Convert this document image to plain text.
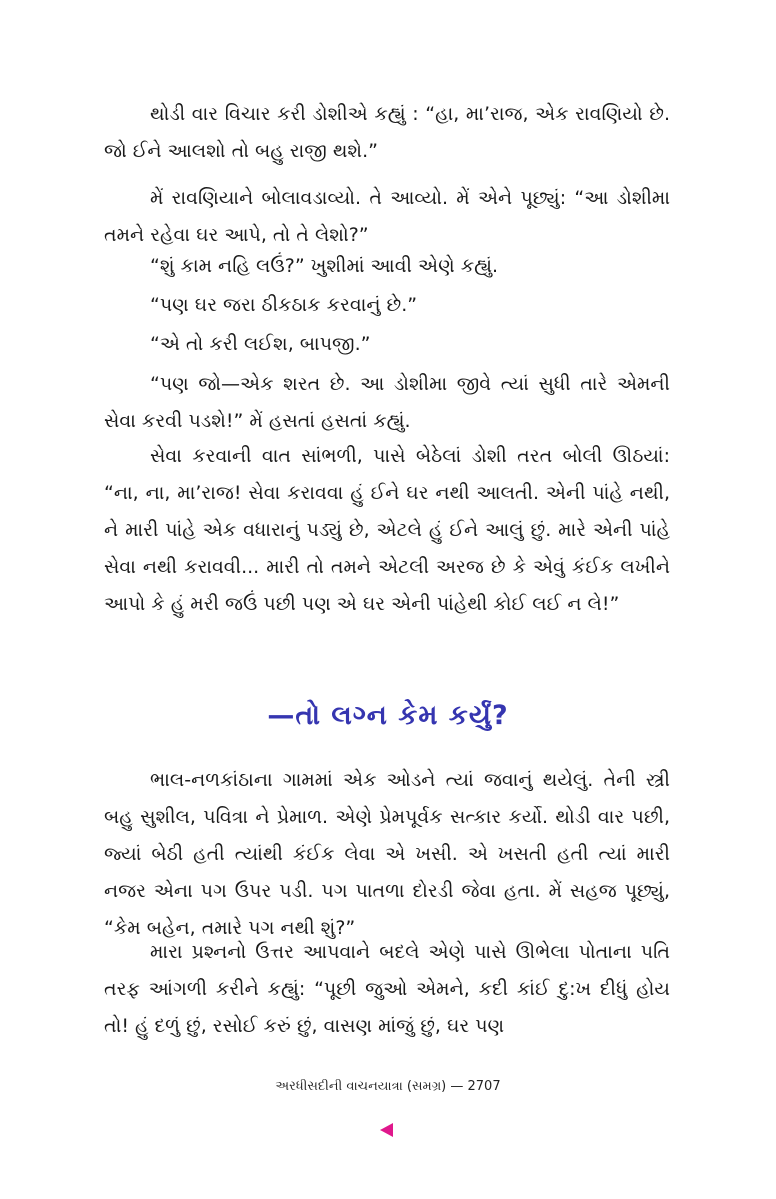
થોડી વાર વિચાર કરી ડોશીએ કહ્યું : “હા, મા’રાજ, એક રાવણિયો છે. જો ઈને આલશો તો બહુ રાજી થશે.”

મેં રાવણિયાને બોલાવડાવ્યો. તે આવ્યો. મેં એને પૂછ્યું: “આ ડોશીમા તમને રહેવા ઘર આપે, તો તે લેશો?”

“શું કામ નહિ લઉં?” ખુશીમાં આવી એણે કહ્યું.

“પણ ઘર જરા ઠીકઠાક કરવાનું છે.”

“એ તો કરી લઈશ, બાપજી.”

“પણ જો—એક શરત છે. આ ડોશીમા જીવે ત્યાં સુધી તારે એમની સેવા કરવી પડશે!” મેં હસતાં હસતાં કહ્યું.

સેવા કરવાની વાત સાંભળી, પાસે બેઠેલાં ડોશી તરત બોલી ઊઠયાં: “ના, ના, મા’રાજ! સેવા કરાવવા હું ઈને ઘર નથી આલતી. એની પાંહે નથી, ને મારી પાંહે એક વધારાનું પડ્યું છે, એટલે હું ઈને આલું છું. મારે એની પાંહે સેવા નથી કરાવવી... મારી તો તમને એટલી અરજ છે કે એવું કંઈક લખીને આપો કે હું મરી જઉં પછી પણ એ ઘર એની પાંહેથી કોઈ લઈ ન લે!”

—તો લગ્ન કેમ કર્યું?

ભાલ-નળકાંઠાના ગામમાં એક ઓડને ત્યાં જવાનું થયેલું. તેની સ્ત્રી બહુ સુશીલ, પવિત્રા ને પ્રેમાળ. એણે પ્રેમપૂર્વક સત્કાર કર્યો. થોડી વાર પછી, જ્યાં બેઠી હતી ત્યાંથી કંઈક લેવા એ ખસી. એ ખસતી હતી ત્યાં મારી નજર એના પગ ઉપર પડી. પગ પાતળા દોરડી જેવા હતા. મેં સહજ પૂછ્યું, “કેમ બહેન, તમારે પગ નથી શું?”

મારા પ્રશ્નનો ઉત્તર આપવાને બદલે એણે પાસે ઊભેલા પોતાના પતિ તરફ આંગળી કરીને કહ્યું: “પૂછી જુઓ એમને, કદી કાંઈ દુ:ખ દીધું હોય તો! હું દળું છું, રસોઈ કરું છું, વાસણ માંજું છું, ઘર પણ

અરધીસદીની વાચનયાત્રા (સમગ્ર) — 2707
